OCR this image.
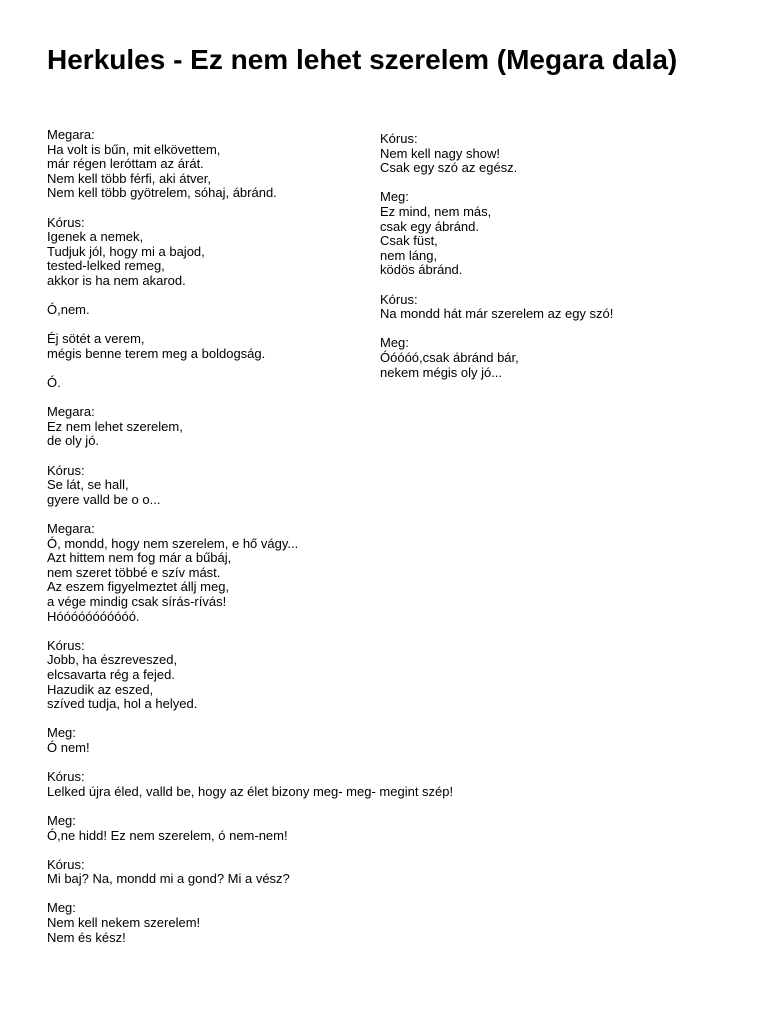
Herkules - Ez nem lehet szerelem (Megara dala)
Megara:
Ha volt is bűn, mit elkövettem,
már régen leróttam az árát.
Nem kell több férfi, aki átver,
Nem kell több gyötrelem, sóhaj, ábránd.
Kórus:
Igenek a nemek,
Tudjuk jól, hogy mi a bajod,
tested-lelked remeg,
akkor is ha nem akarod.
Ó,nem.
Éj sötét a verem,
mégis benne terem meg a boldogság.
Ó.
Megara:
Ez nem lehet szerelem,
de oly jó.
Kórus:
Se lát, se hall,
gyere valld be o o...
Megara:
Ó, mondd, hogy nem szerelem, e hő vágy...
Azt hittem nem fog már a bűbáj,
nem szeret többé e szív mást.
Az eszem figyelmeztet állj meg,
a vége mindig csak sírás-rívás!
Hóóóóóóóóóóó.
Kórus:
Jobb, ha észreveszed,
elcsavarta rég a fejed.
Hazudik az eszed,
szíved tudja, hol a helyed.
Meg:
Ó nem!
Kórus:
Lelked újra éled, valld be, hogy az élet bizony meg- meg- megint szép!
Meg:
Ó,ne hidd! Ez nem szerelem, ó nem-nem!
Kórus:
Mi baj? Na, mondd mi a gond? Mi a vész?
Meg:
Nem kell nekem szerelem!
Nem és kész!
Kórus:
Nem kell nagy show!
Csak egy szó az egész.
Meg:
Ez mind, nem más,
csak egy ábránd.
Csak füst,
nem láng,
ködös ábránd.
Kórus:
Na mondd hát már szerelem az egy szó!
Meg:
Óóóóó,csak ábránd bár,
nekem mégis oly jó...
